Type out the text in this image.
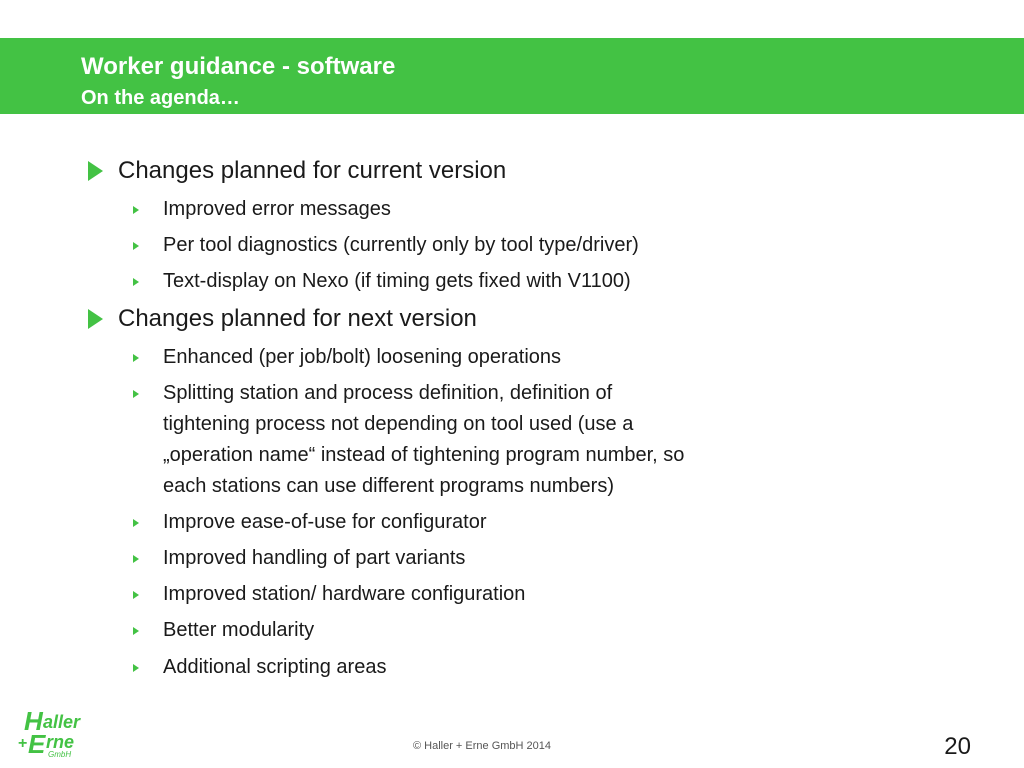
Worker guidance - software
On the agenda…
Changes planned for current version
Improved error messages
Per tool diagnostics (currently only by tool type/driver)
Text-display on Nexo (if timing gets fixed with V1100)
Changes planned for next version
Enhanced (per job/bolt) loosening operations
Splitting station and process definition, definition of
tightening process not depending on tool used (use a
„operation name“ instead of tightening program number, so
each stations can use different programs numbers)
Improve ease-of-use for configurator
Improved handling of part variants
Improved station/ hardware configuration
Better modularity
Additional scripting areas
H aller
+ E rne
GmbH
© Haller + Erne GmbH 2014	20
